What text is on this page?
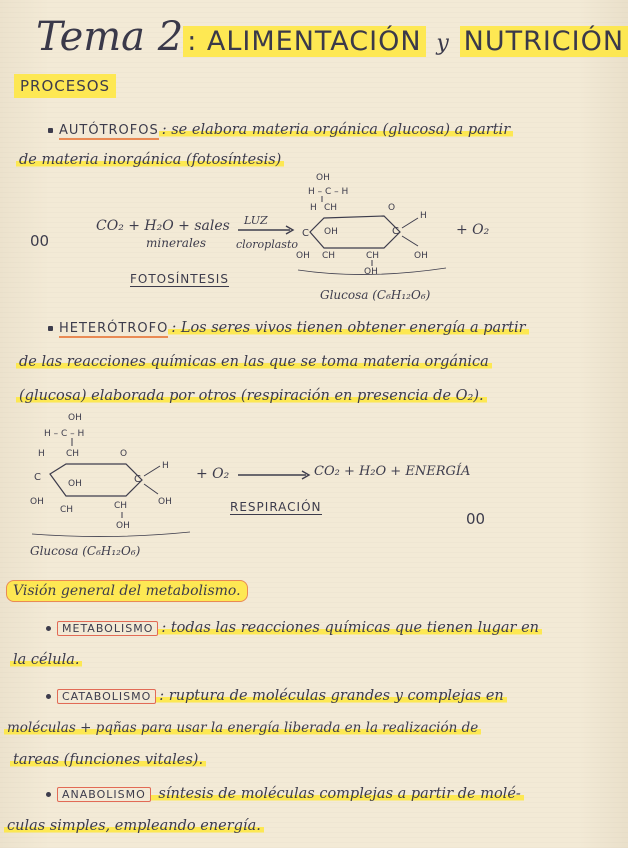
Tema 2 : ALIMENTACIÓN y NUTRICIÓN
PROCESOS
AUTÓTROFOS : se elabora materia orgánica (glucosa) a partir
de materia inorgánica (fotosíntesis)
00
CO₂ + H₂O + sales
minerales
LUZ
cloroplasto
OH
H – C – H
H CH	O
C OH	C
H
OH
OH CH	CH
OH
+ O₂
FOTOSÍNTESIS
Glucosa (C₆H₁₂O₆)
HETERÓTROFO : Los seres vivos tienen obtener energía a partir
de las reacciones químicas en las que se toma materia orgánica
(glucosa) elaborada por otros (respiración en presencia de O₂).
OH
H – C – H
H CH	O
C
OH	C
H
OH
OH
CH	CH
OH
+ O₂	CO₂ + H₂O + ENERGÍA
RESPIRACIÓN
00
Glucosa (C₆H₁₂O₆)
Visión general del metabolismo.
METABOLISMO : todas las reacciones químicas que tienen lugar en
la célula.
CATABOLISMO : ruptura de moléculas grandes y complejas en
moléculas + pqñas para usar la energía liberada en la realización de
tareas (funciones vitales).
ANABOLISMO síntesis de moléculas complejas a partir de molé-
culas simples, empleando energía.
